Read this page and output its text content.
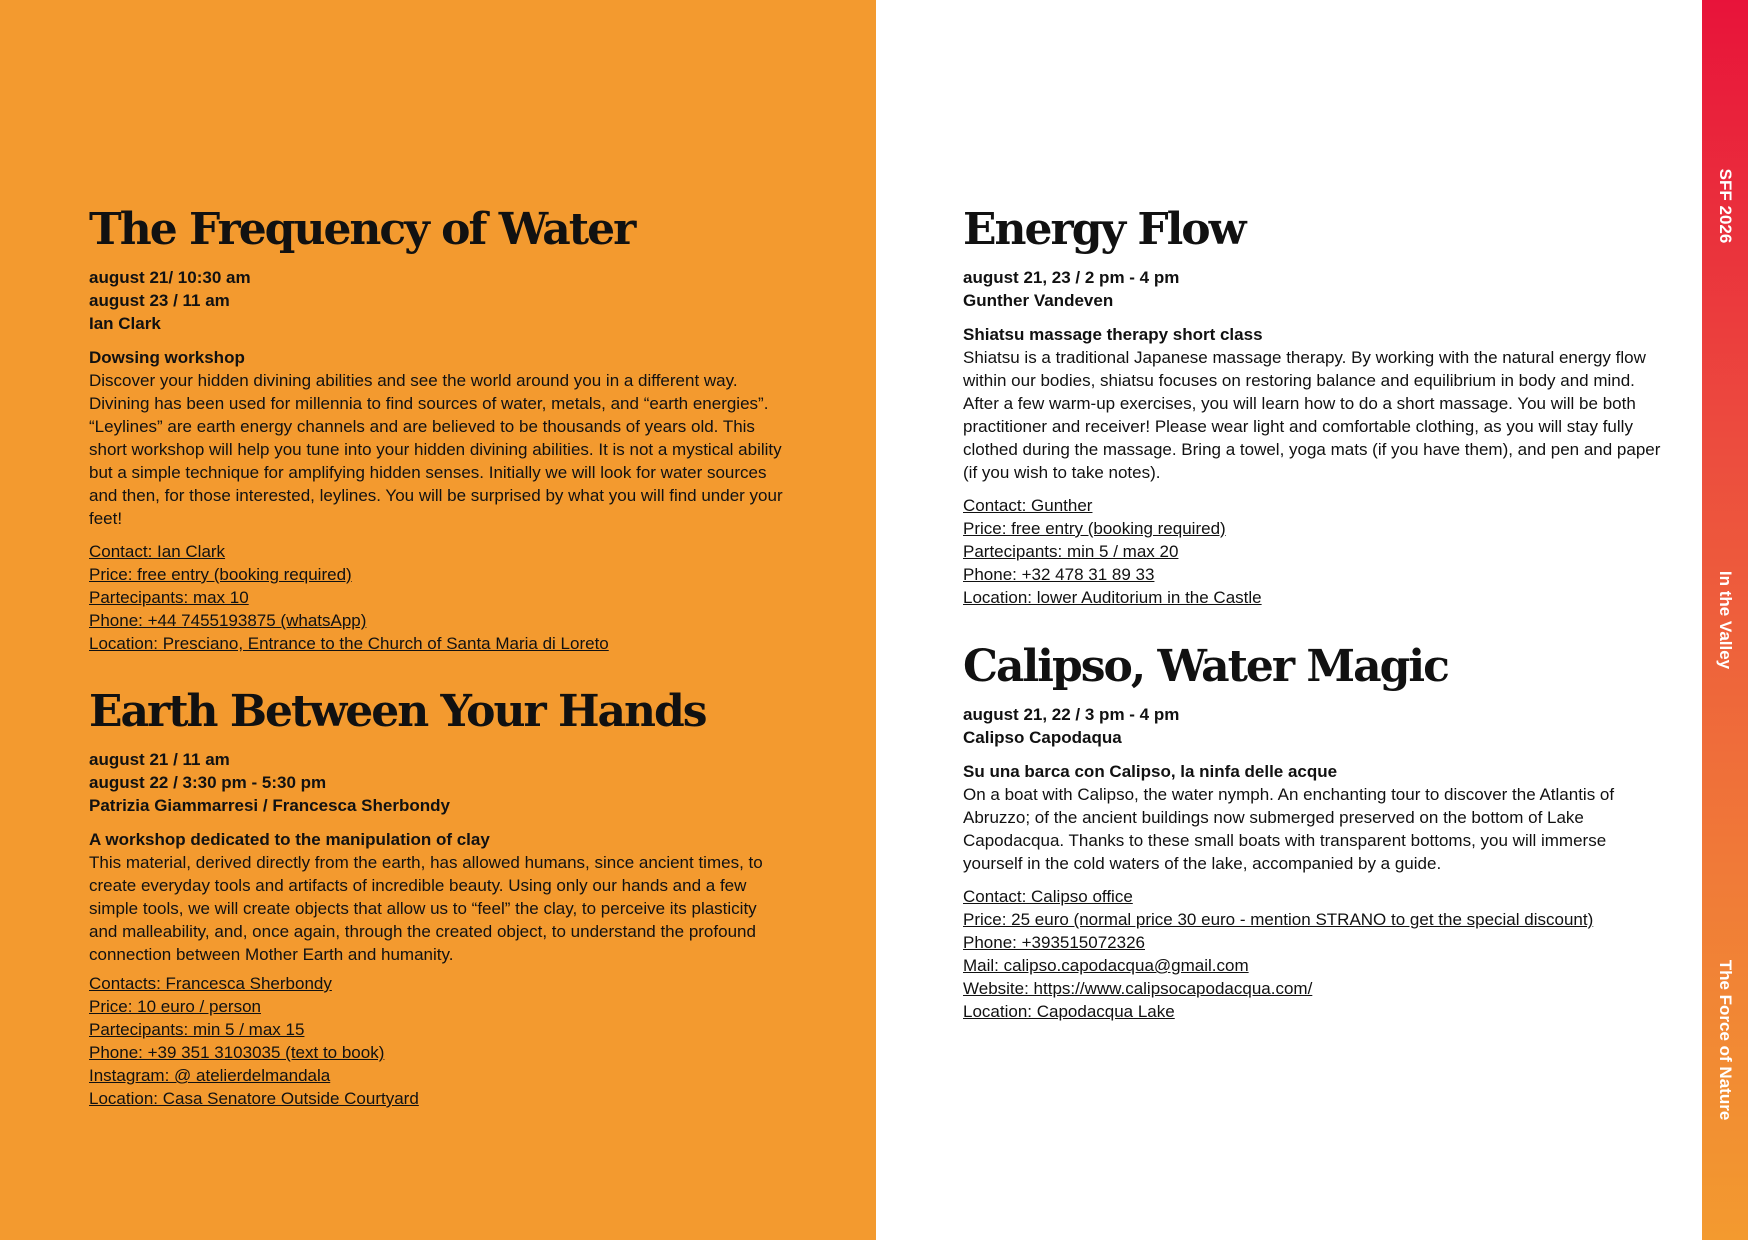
SFF 2026
In the Valley
The Force of Nature
The Frequency of Water
august 21/ 10:30 am
august 23 / 11 am
Ian Clark
Dowsing workshop
Discover your hidden divining abilities and see the world around you in a different way. Divining has been used for millennia to find sources of water, metals, and “earth energies”. “Leylines” are earth energy channels and are believed to be thousands of years old. This short workshop will help you tune into your hidden divining abilities. It is not a mystical ability but a simple technique for amplifying hidden senses. Initially we will look for water sources and then, for those interested, leylines. You will be surprised by what you will find under your feet!
Contact: Ian Clark
Price: free entry (booking required)
Partecipants: max 10
Phone: +44 7455193875 (whatsApp)
Location: Presciano, Entrance to the Church of Santa Maria di Loreto
Earth Between Your Hands
august 21 / 11 am
august 22 / 3:30 pm - 5:30 pm
Patrizia Giammarresi / Francesca Sherbondy
A workshop dedicated to the manipulation of clay
This material, derived directly from the earth, has allowed humans, since ancient times, to create everyday tools and artifacts of incredible beauty. Using only our hands and a few simple tools, we will create objects that allow us to “feel” the clay, to perceive its plasticity and malleability, and, once again, through the created object, to understand the profound connection between Mother Earth and humanity.
Contacts: Francesca Sherbondy
Price: 10 euro / person
Partecipants: min 5 / max 15
Phone: +39 351 3103035 (text to book)
Instagram: @ atelierdelmandala
Location: Casa Senatore Outside Courtyard
Energy Flow
august 21, 23 / 2 pm - 4 pm
Gunther Vandeven
Shiatsu massage therapy short class
Shiatsu is a traditional Japanese massage therapy. By working with the natural energy flow within our bodies, shiatsu focuses on restoring balance and equilibrium in body and mind. After a few warm-up exercises, you will learn how to do a short massage. You will be both practitioner and receiver! Please wear light and comfortable clothing, as you will stay fully clothed during the massage. Bring a towel, yoga mats (if you have them), and pen and paper (if you wish to take notes).
Contact: Gunther
Price: free entry (booking required)
Partecipants: min 5 / max 20
Phone: +32 478 31 89 33
Location: lower Auditorium in the Castle
Calipso, Water Magic
august 21, 22 / 3 pm - 4 pm
Calipso Capodaqua
Su una barca con Calipso, la ninfa delle acque
On a boat with Calipso, the water nymph. An enchanting tour to discover the Atlantis of Abruzzo; of the ancient buildings now submerged preserved on the bottom of Lake Capodacqua. Thanks to these small boats with transparent bottoms, you will immerse yourself in the cold waters of the lake, accompanied by a guide.
Contact: Calipso office
Price: 25 euro (normal price 30 euro - mention STRANO to get the special discount)
Phone: +393515072326
Mail: calipso.capodacqua@gmail.com
Website: https://www.calipsocapodacqua.com/
Location: Capodacqua Lake
